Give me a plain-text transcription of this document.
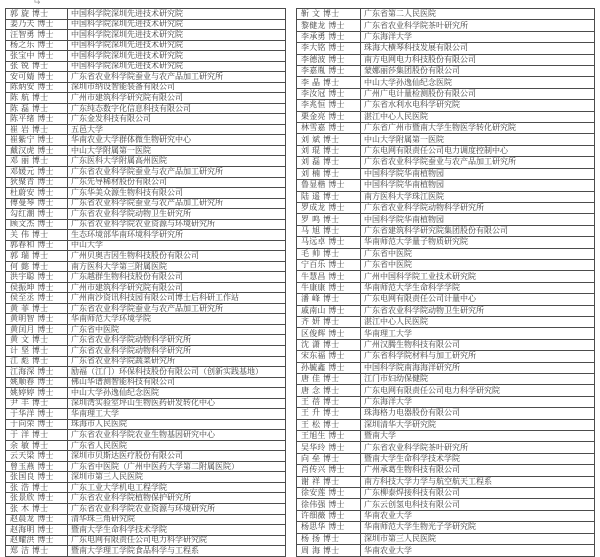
↵
郭 旋 博士	中国科学院深圳先进技术研究院
姜乃夫 博士	中国科学院深圳先进技术研究院
汪智勇 博士	中国科学院深圳先进技术研究院
杨之乐 博士	中国科学院深圳先进技术研究院
张宝中 博士	中国科学院深圳先进技术研究院
张 锐 博士	中国科学院深圳先进技术研究院
安可婧 博士	广东省农业科学院蚕业与农产品加工研究所
陈炳安 博士	深圳市纳设智能装备有限公司
陈 航 博士	广州市建筑科学研究院有限公司
陈 磊 博士	广东纯态数字化信息科技有限公司
陈平绪 博士	广东金发科技有限公司
崔 岩 博士	五邑大学
崔紫宁 博士	华南农业大学群体微生物研究中心
戴汉虎 博士	中山大学附属第一医院
邓 丽 博士	广东医科大学附属高州医院
邓媛元 博士	广东省农业科学院蚕业与农产品加工研究所
狄聚青 博士	广东先导稀材股份有限公司
杜蔚安 博士	广东华美众源生物科技有限公司
傅曼琴 博士	广东省农业科学院蚕业与农产品加工研究所
勾红潮 博士	广东省农业科学院动物卫生研究所
顾文杰 博士	广东省农业科学院农业资源与环境研究所
关 伟 博士	生态环境部华南环境科学研究所
郭春和 博士	中山大学
郭 瑞 博士	广州贝奥吉因生物科技股份有限公司
何 懿 博士	南方医科大学第三附属医院
洪宇聪 博士	广东越群生物科技股份有限公司
侯振坤 博士	广州市建筑科学研究院有限公司
侯至丞 博士	广州南沙资讯科技园有限公司博士后科研工作站
黄 菲 博士	广东省农业科学院蚕业与农产品加工研究所
黄明智 博士	华南师范大学环境学院
黄闰月 博士	广东省中医院
黄 文 博士	广东省农业科学院动物科学研究所
计 坚 博士	广东省农业科学院动物科学研究所
江 彪 博士	广东省农业科学院蔬菜研究所
江海深 博士	励福（江门）环保科技股份有限公司（创新实践基地）
姚顺春 博士	佛山华谱测智能科技有限公司
姚婷婷 博士	中山大学孙逸仙纪念医院
尹 丰 博士	深圳湾实验室坪山生物医药研发转化中心
于华洋 博士	华南理工大学
于向荣 博士	珠海市人民医院
于 洋 博士	广东省农业科学院农业生物基因研究中心
余 敏 博士	广东省人民医院
云天梁 博士	深圳市贝斯达医疗股份有限公司
曾玉燕 博士	广东省中医院（广州中医药大学第二附属医院）
张国良 博士	深圳市第三人民医院
张 浩 博士	广东工业大学机电工程学院
张景欣 博士	广东省农业科学院植物保护研究所
张 木 博士	广东省农业科学院农业资源与环境研究所
赵晨龙 博士	清华珠三角研究院
赵海明 博士	暨南大学生命科学技术学院
赵耀洪 博士	广东电网有限责任公司电力科学研究院
郑 洁 博士	暨南大学理工学院食品科学与工程系
靳 文 博士	广东省第二人民医院
黎健龙 博士	广东省农业科学院茶叶研究所
李承勇 博士	广东海洋大学
李大铭 博士	珠海大横琴科技发展有限公司
李德波 博士	南方电网电力科技股份有限公司
李嘉胤 博士	蒙娜丽莎集团股份有限公司
李 晶 博士	中山大学孙逸仙纪念医院
李汝冠 博士	广州广电计量检测股份有限公司
李兆恒 博士	广东省水利水电科学研究院
栗金亮 博士	湛江中心人民医院
林雪嘉 博士	广东省广州市暨南大学生物医学转化研究院
刘 斌 博士	中山大学附属第一医院
刘 琨 博士	广东电网有限责任公司电力调度控制中心
刘 磊 博士	广东省农业科学院蚕业与农产品加工研究所
刘 楠 博士	中国科学院华南植物园
鲁显楷 博士	中国科学院华南植物园
陆 遥 博士	南方医科大学珠江医院
罗成龙 博士	广东省农业科学院动物科学研究所
罗 鸣 博士	中国科学院华南植物园
马 旭 博士	广东省建筑科学研究院集团股份有限公司
马远卓 博士	华南师范大学量子物质研究院
毛 帅 博士	广东省中医院
宁百乐 博士	广东省中医院
牛慧昌 博士	广州中国科学院工业技术研究院
牛康康 博士	华南师范大学生命科学学院
潘 峰 博士	广东电网有限责任公司计量中心
戚南山 博士	广东省农业科学院动物卫生研究所
齐 妍 博士	湛江中心人民医院
区俊辉 博士	华南理工大学
沈 潇 博士	广州汉腾生物科技有限公司
宋东福 博士	广东省科学院材料与加工研究所
孙毓鑫 博士	中国科学院南海海洋研究所
唐 佳 博士	江门市妇幼保健院
唐 念 博士	广东电网有限责任公司电力科学研究院
王 蓓 博士	广东海洋大学
王 升 博士	珠海格力电器股份有限公司
王 松 博士	深圳清华大学研究院
王旭生 博士	暨南大学
吴华玲 博士	广东省农业科学院茶叶研究所
向 垒 博士	暨南大学生命科学技术学院
肖传兴 博士	广州承葛生物科技有限公司
谢 祥 博士	南方科技大学力学与航空航天工程系
徐安莲 博士	广东柳泰焊接科技有限公司
徐伟强 博士	广东云创氢电科技有限公司
许细薇 博士	华南农业大学
杨思华 博士	华南师范大学生物光子学研究院
杨 扬 博士	深圳市第三人民医院
周 海 博士	华南农业大学
